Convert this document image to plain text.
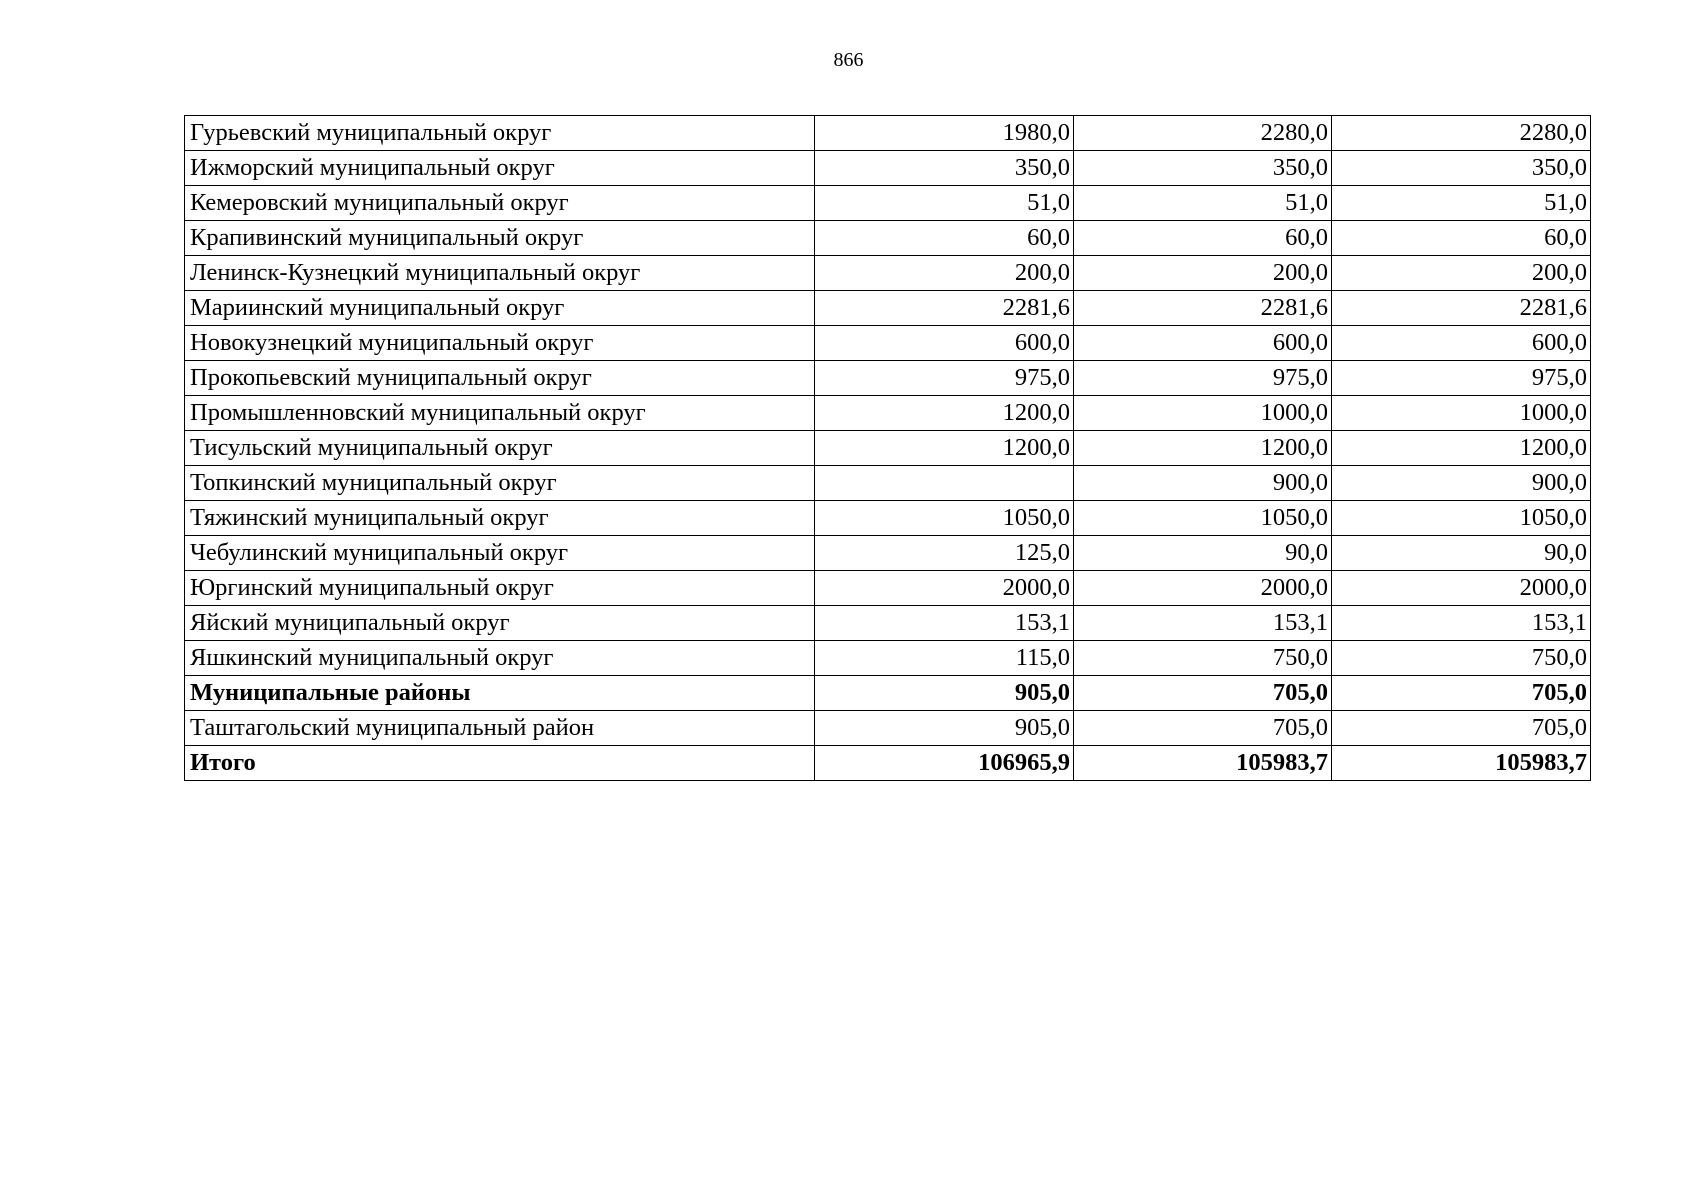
866
Гурьевский муниципальный округ	1980,0	2280,0	2280,0
Ижморский муниципальный округ	350,0	350,0	350,0
Кемеровский муниципальный округ	51,0	51,0	51,0
Крапивинский муниципальный округ	60,0	60,0	60,0
Ленинск-Кузнецкий муниципальный округ	200,0	200,0	200,0
Мариинский муниципальный округ	2281,6	2281,6	2281,6
Новокузнецкий муниципальный округ	600,0	600,0	600,0
Прокопьевский муниципальный округ	975,0	975,0	975,0
Промышленновский муниципальный округ	1200,0	1000,0	1000,0
Тисульский муниципальный округ	1200,0	1200,0	1200,0
Топкинский муниципальный округ		900,0	900,0
Тяжинский муниципальный округ	1050,0	1050,0	1050,0
Чебулинский муниципальный округ	125,0	90,0	90,0
Юргинский муниципальный округ	2000,0	2000,0	2000,0
Яйский муниципальный округ	153,1	153,1	153,1
Яшкинский муниципальный округ	115,0	750,0	750,0
Муниципальные районы	905,0	705,0	705,0
Таштагольский муниципальный район	905,0	705,0	705,0
Итого	106965,9	105983,7	105983,7
